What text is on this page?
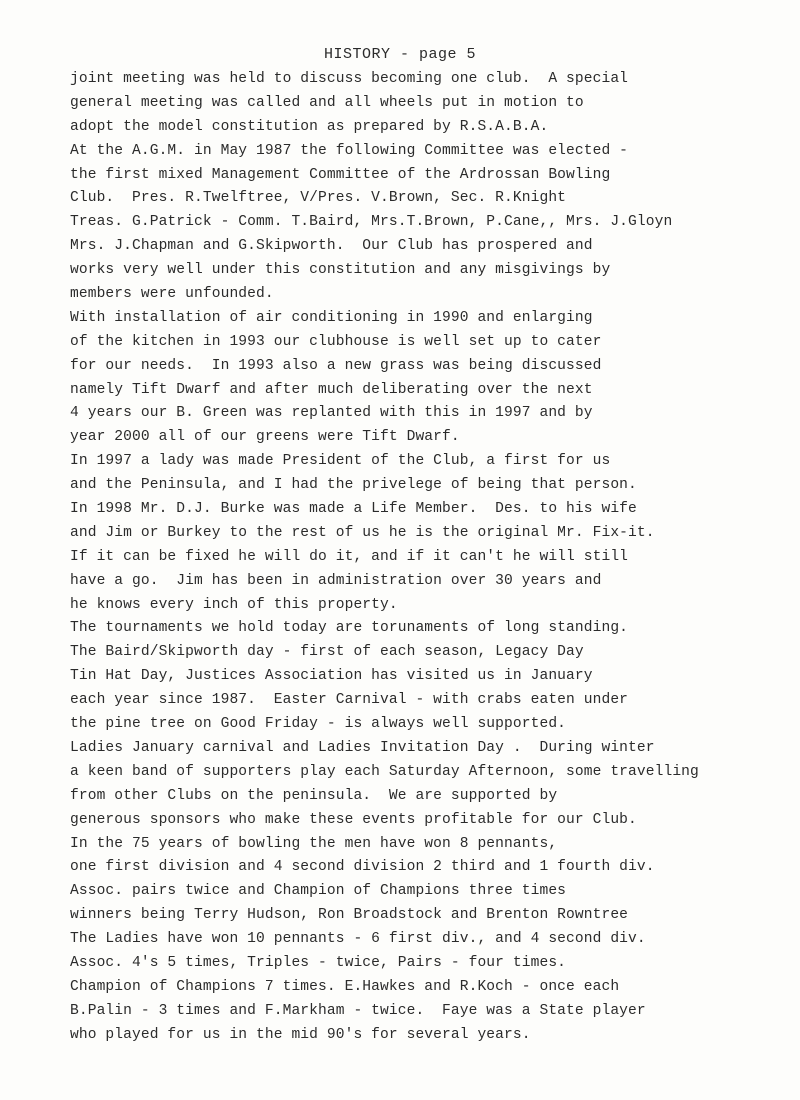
HISTORY - page 5
joint meeting was held to discuss becoming one club.  A special
general meeting was called and all wheels put in motion to
adopt the model constitution as prepared by R.S.A.B.A.
At the A.G.M. in May 1987 the following Committee was elected -
the first mixed Management Committee of the Ardrossan Bowling
Club.  Pres. R.Twelftree, V/Pres. V.Brown, Sec. R.Knight
Treas. G.Patrick - Comm. T.Baird, Mrs.T.Brown, P.Cane,, Mrs. J.Gloyn
Mrs. J.Chapman and G.Skipworth.  Our Club has prospered and
works very well under this constitution and any misgivings by
members were unfounded.
With installation of air conditioning in 1990 and enlarging
of the kitchen in 1993 our clubhouse is well set up to cater
for our needs.  In 1993 also a new grass was being discussed
namely Tift Dwarf and after much deliberating over the next
4 years our B. Green was replanted with this in 1997 and by
year 2000 all of our greens were Tift Dwarf.
In 1997 a lady was made President of the Club, a first for us
and the Peninsula, and I had the privelege of being that person.
In 1998 Mr. D.J. Burke was made a Life Member.  Des. to his wife
and Jim or Burkey to the rest of us he is the original Mr. Fix-it.
If it can be fixed he will do it, and if it can't he will still
have a go.  Jim has been in administration over 30 years and
he knows every inch of this property.
The tournaments we hold today are torunaments of long standing.
The Baird/Skipworth day - first of each season, Legacy Day
Tin Hat Day, Justices Association has visited us in January
each year since 1987.  Easter Carnival - with crabs eaten under
the pine tree on Good Friday - is always well supported.
Ladies January carnival and Ladies Invitation Day .  During winter
a keen band of supporters play each Saturday Afternoon, some travelling
from other Clubs on the peninsula.  We are supported by
generous sponsors who make these events profitable for our Club.
In the 75 years of bowling the men have won 8 pennants,
one first division and 4 second division 2 third and 1 fourth div.
Assoc. pairs twice and Champion of Champions three times
winners being Terry Hudson, Ron Broadstock and Brenton Rowntree
The Ladies have won 10 pennants - 6 first div., and 4 second div.
Assoc. 4's 5 times, Triples - twice, Pairs - four times.
Champion of Champions 7 times. E.Hawkes and R.Koch - once each
B.Palin - 3 times and F.Markham - twice.  Faye was a State player
who played for us in the mid 90's for several years.
